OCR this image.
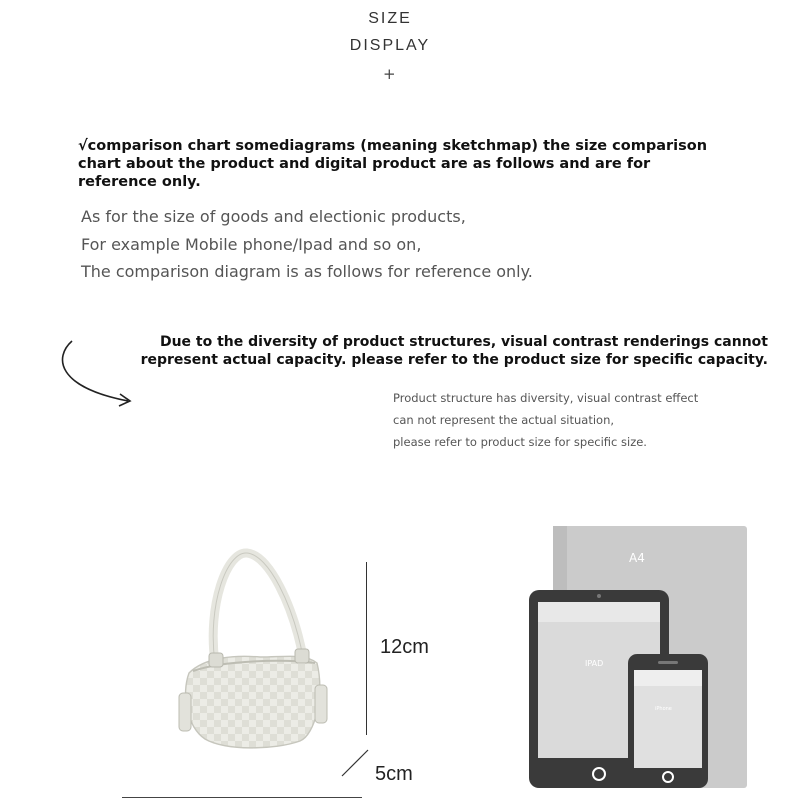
SIZE
DISPLAY
+
√comparison chart somediagrams (meaning sketchmap) the size comparison chart about the product and digital product are as follows and are for reference only.
As for the size of goods and electionic products,
For example Mobile phone/Ipad and so on,
The comparison diagram is as follows for reference only.
Due to the diversity of product structures, visual contrast renderings cannot represent actual capacity. please refer to the product size for specific capacity.
Product structure has diversity, visual contrast effect
can not represent the actual situation,
please refer to product size for specific size.
12cm
5cm
A4
IPAD
iPhone
